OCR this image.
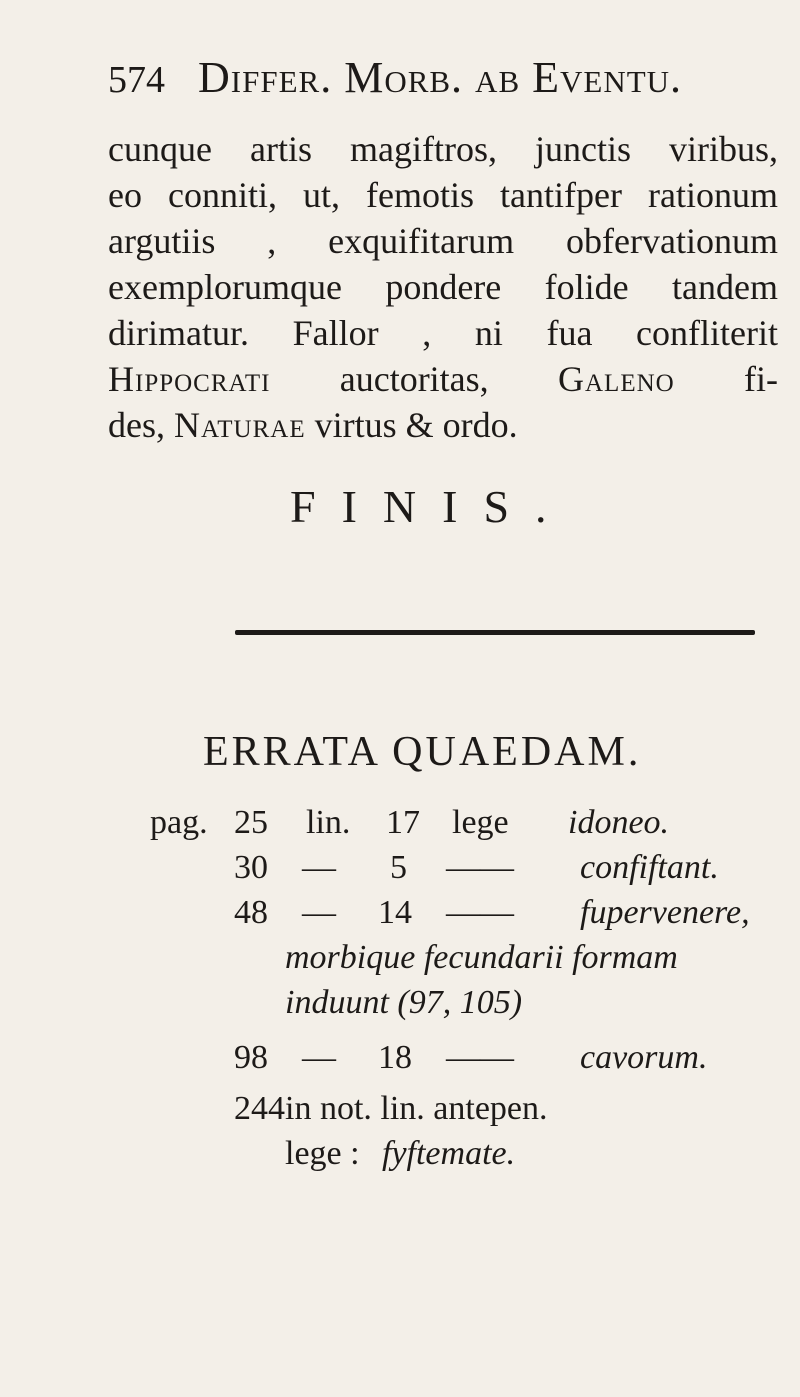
574 Differ. Morb. ab Eventu.
cunque artis magiftros, junctis viribus,
eo conniti, ut, femotis tantifper rationum
argutiis , exquifitarum obfervationum
exemplorumque pondere folide tandem
dirimatur. Fallor , ni fua confliterit
Hippocrati auctoritas, Galeno fi-
des, Naturae virtus & ordo.
FINIS.
ERRATA QUAEDAM.
pag. 25 lin. 17 lege idoneo.
30 — 5 —— confiftant.
48 — 14 —— fupervenere,
morbique fecundarii formam
induunt (97, 105)
98 — 18 —— cavorum.
244 in not. lin. antepen.
lege : fyftemate.
